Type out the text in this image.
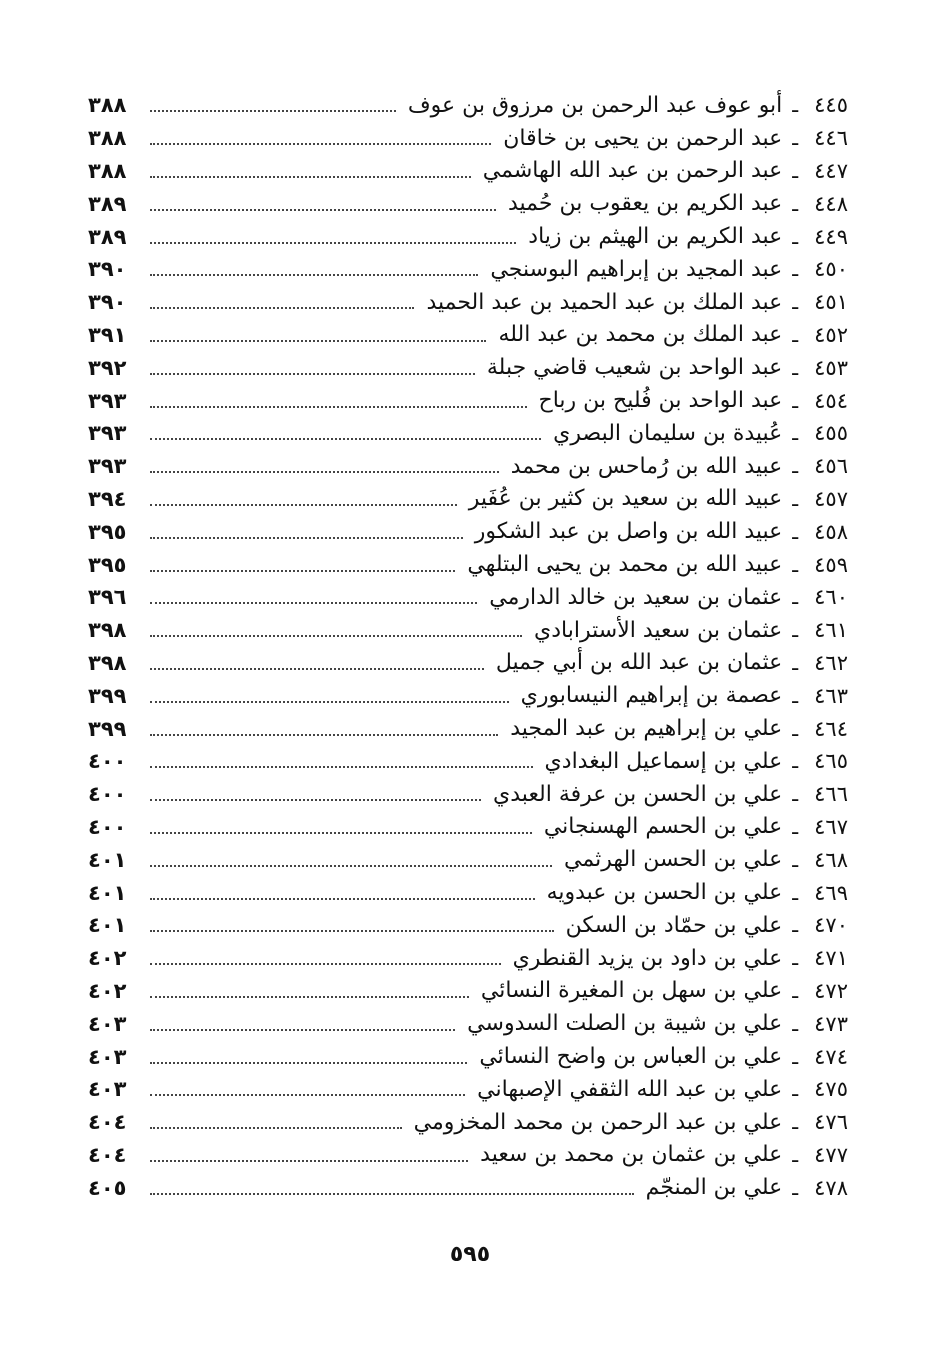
٤٤٥
ـ
أبو عوف عبد الرحمن بن مرزوق بن عوف
٣٨٨
٤٤٦
ـ
عبد الرحمن بن يحيى بن خاقان
٣٨٨
٤٤٧
ـ
عبد الرحمن بن عبد الله الهاشمي
٣٨٨
٤٤٨
ـ
عبد الكريم بن يعقوب بن حُميد
٣٨٩
٤٤٩
ـ
عبد الكريم بن الهيثم بن زياد
٣٨٩
٤٥٠
ـ
عبد المجيد بن إبراهيم البوسنجي
٣٩٠
٤٥١
ـ
عبد الملك بن عبد الحميد بن عبد الحميد
٣٩٠
٤٥٢
ـ
عبد الملك بن محمد بن عبد الله
٣٩١
٤٥٣
ـ
عبد الواحد بن شعيب قاضي جبلة
٣٩٢
٤٥٤
ـ
عبد الواحد بن فُليح بن رباح
٣٩٣
٤٥٥
ـ
عُبيدة بن سليمان البصري
٣٩٣
٤٥٦
ـ
عبيد الله بن رُماحس بن محمد
٣٩٣
٤٥٧
ـ
عبيد الله بن سعيد بن كثير بن عُفَير
٣٩٤
٤٥٨
ـ
عبيد الله بن واصل بن عبد الشكور
٣٩٥
٤٥٩
ـ
عبيد الله بن محمد بن يحيى البتلهي
٣٩٥
٤٦٠
ـ
عثمان بن سعيد بن خالد الدارمي
٣٩٦
٤٦١
ـ
عثمان بن سعيد الأسترابادي
٣٩٨
٤٦٢
ـ
عثمان بن عبد الله بن أبي جميل
٣٩٨
٤٦٣
ـ
عصمة بن إبراهيم النيسابوري
٣٩٩
٤٦٤
ـ
علي بن إبراهيم بن عبد المجيد
٣٩٩
٤٦٥
ـ
علي بن إسماعيل البغدادي
٤٠٠
٤٦٦
ـ
علي بن الحسن بن عرفة العبدي
٤٠٠
٤٦٧
ـ
علي بن الحسم الهسنجاني
٤٠٠
٤٦٨
ـ
علي بن الحسن الهرثمي
٤٠١
٤٦٩
ـ
علي بن الحسن بن عبدويه
٤٠١
٤٧٠
ـ
علي بن حمّاد بن السكن
٤٠١
٤٧١
ـ
علي بن داود بن يزيد القنطري
٤٠٢
٤٧٢
ـ
علي بن سهل بن المغيرة النسائي
٤٠٢
٤٧٣
ـ
علي بن شيبة بن الصلت السدوسي
٤٠٣
٤٧٤
ـ
علي بن العباس بن واضح النسائي
٤٠٣
٤٧٥
ـ
علي بن عبد الله الثقفي الإصبهاني
٤٠٣
٤٧٦
ـ
علي بن عبد الرحمن بن محمد المخزومي
٤٠٤
٤٧٧
ـ
علي بن عثمان بن محمد بن سعيد
٤٠٤
٤٧٨
ـ
علي بن المنجّم
٤٠٥
٥٩٥
